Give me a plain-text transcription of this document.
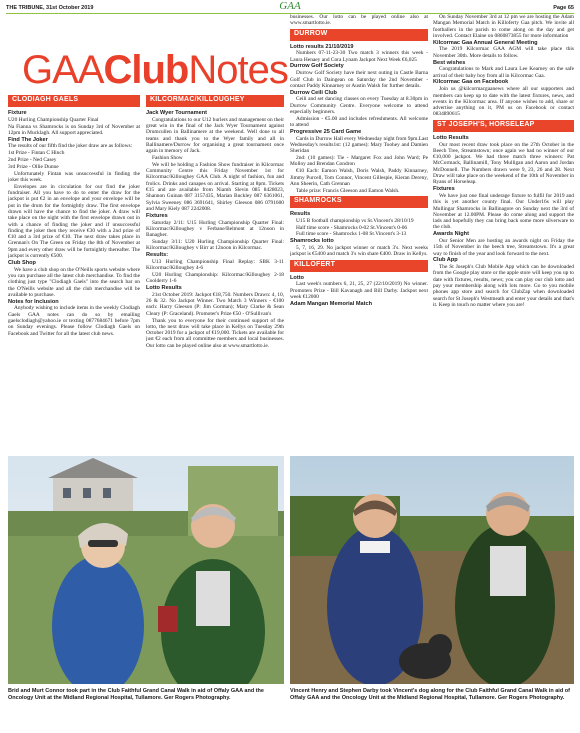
THE TRIBUNE, 31st October 2019	GAA	Page 65
GAA Club Notes
CLODIAGH GAELS

Fixture

U20 Hurling Championship Quarter Final

Na Fianna vs Shamrocks is on Sunday 3rd of November at 12pm in Mucklagh. All support appreciated.

Find The Joker

The results of our fifth find the joker draw are as follows:

1st Prize - Fintan C Hinch

2nd Prize - Ned Casey

3rd Prize - Ollie Dunne

Unfortunately Fintan was unsuccessful in finding the joker this week.

Envelopes are in circulation for our find the joker fundraiser. All you have to do to enter the draw for the jackpot is put €2 in an envelope and your envelope will be put in the drum for the fortnightly draw. The first envelope drawn will have the chance to find the joker. A draw will take place on the night with the first envelope drawn out in with a chance of finding the joker and if unsuccessful finding the joker then they receive €30 with a 2nd prize of €10 and a 3rd prize of €10. The next draw takes place in Grennan's On The Green on Friday the 8th of November at 9pm and every other draw will be fortnightly thereafter. The jackpot is currently €500.

Club Shop

We have a club shop on the O'Neills sports website where you can purchase all the latest club merchandise. To find the clothing just type "Clodiagh Gaels" into the search bar on the O'Neills website and all the club merchandise will be available to purchase.

Notes for Inclusion

Anybody wishing to include items in the weekly Clodiagh Gaels GAA notes can do so by emailing gaelsclodiagh@yahoo.ie or texting 0877684671 before 7pm on Sunday evenings. Please follow Clodiagh Gaels on Facebook and Twitter for all the latest club news.

KILCORMAC/KILLOUGHEY

Jack Wyer Tournament

Congratulations to our U12 hurlers and management on their great win in the final of the Jack Wyer Tournament against Drumcullen in Ballinamere at the weekend. Well done to all teams and thank you to the Wyer family and all in Ballinamere/Durrow for organising a great tournament once again in memory of Jack.

Fashion Show

We will be holding a Fashion Show fundraiser in Kilcormac Community Centre this Friday November 1st for Kilcormac/Killoughey GAA Club. A night of fashion, fun and frolics. Drinks and canapes on arrival. Starting at 8pm. Tickets €15 and are available from Niamh Slevin 085 8428023, Shannon Guinan 087 3157435, Marian Buckley 087 6361061, Sylvia Sweeney 086 3691641, Shirley Gleeson 086 0791600 and Mary Kiely 087 2242008.

Fixtures

Saturday 2/11: U15 Hurling Championship Quarter Final: Kilcormac/Killoughey v Ferbane/Belmont at 12noon in Banagher.

Sunday 3/11: U20 Hurling Championship Quarter Final: Kilcormac/Killoughey v Birr at 12noon in Kilcormac.

Results:

U13 Hurling Championship Final Replay: SBK 3-11 Kilcormac/Killoughey 4-6

U20 Hurling Championship: Kilcormac/Killoughey 2-18 Coolderry 1-6

Lotto Results

21st October 2019: Jackpot €18,750. Numbers Drawn: 4, 10, 26 & 32. No Jackpot Winner. Two Match 3 Winners - €100 each: Harry Gleeson (P: Jim Gorman); Mary Clarke & Sean Cleary (P: Graceland). Promoter's Prize €50 - O'Sullivan's

Thank you to everyone for their continued support of the lotto, the next draw will take place in Kellys on Tuesday 29th October 2019 for a jackpot of €19,000. Tickets are available for just €2 each from all committee members and local businesses. Our lotto can be played online also at www.smartlotto.ie.

businesses. Our lotto can be played online also at www.smartlotto.ie.

DURROW

Lotto results 21/10/2019

Numbers 07-11-23-30 Two match 3 winners this week - Laura Henaey and Cora Lynam Jackpot Next Week €6,025

Durrow Golf Society

Durrow Golf Society have their next outing in Castle Barna Golf Club in Daingean on Saturday the 2nd November - contact Paddy Kinnarney or Austin Walsh for further details.

Durrow Ceili Club

Ceili and set dancing classes on every Tuesday at 8.30pm in Durrow Community Centre. Everyone welcome to attend especially beginners.

Admission - €5.00 and includes refreshments. All welcome to attend

Progressive 25 Card Game

Cards in Durrow Hall every Wednesday night from 9pm.Last Wednesday's results1st: (12 games): Mary Toohey and Damien Sheridan

2nd: (10 games): Tie - Margaret Fox and John Ward; Pe Molloy and Brendan Condron

€10 Each: Eamon Walsh, Doris Walsh, Paddy Kinnarney, Jimmy Purcell, Tom Connor, Vincent Gillespie, Kieran Dereny, Ann Sheerin, Cath Grennan

Table prize: Francis Gleeson and Eamon Walsh.

SHAMROCKS

Results

U15 B football championship vs St.Vincent's 28/10/19

Half time score - Shamrocks 0-02 St.Vincent's 0-06

Full time score - Shamrocks 1-08 St.Vincent's 3-13

Shamrocks lotto

5, 7, 16, 29. No jackpot winner or match 3's. Next weeks jackpot is €5400 and match 3's win share €400. Draw in Kellys.

KILLOFERT

Lotto

Last week's numbers 6, 21, 25, 27 (22/10/2019) No winner. Promoters Prize - Bill Kavanagh and Bill Darby. Jackpot next week €12000

Adam Mangan Memorial Match

On Sunday November 3rd at 12 pm we are hosting the Adam Mangan Memorial Match in Killoferty Gaa pitch. We invite all footballers in the parish to come along on the day and get involved. Contact Elaine on 0860873855 for more information

Kilcormac Gaa Annual General Meeting

The 2019 Kilcormac GAA AGM will take place this November 30th. More details to follow.

Best wishes

Congratulations to Mark and Laura Lee Kearney on the safe arrival of their baby boy from all in Kilcormac Gaa.

Kilcormac Gaa on Facebook

Join us @kilcormacgaanews where all our supporters and members can keep up to date with the latest fixtures, news, and events in the Kilcormac area. If anyone wishes to add, share or advertise anything on it, PM us on Facebook or contact 0834890615

ST JOSEPH'S, HORSELEAP

Lotto Results

Our most recent draw took place on the 27th October in the Beech Tree, Streamstown; once again we had no winner of our €10,000 jackpot. We had three match three winners: Pat McCormack, Ballinamill, Tony Mulligan and Aaron and Jordan McDonnell. The Numbers drawn were 9, 23, 26 and 28. Next Draw will take place on the weekend of the 10th of November in Ryans of Horseleap.

Fixtures

We have just one final underage fixture to fulfil for 2019 and this is yet another county final. Our Under16s will play Mullingar Shamrocks in Ballinagore on Sunday next the 3rd of November at 12.00PM. Please do come along and support the lads and hopefully they can bring back some more silverware to the club.

Awards Night

Our Senior Men are hosting an awards night on Friday the 15th of November in the beech tree, Streamstown. It's a great way to finish of the year and look forward to the next.

Club App

The St Joseph's Club Mobile App which can be downloaded from the Google play store or the apple store will keep you up to date with fixtures, results, news; you can play our club lotto and pay your membership along with lots more. Go to you mobile phones app store and search for ClubZap when downloaded search for St Joseph's Westmeath and enter your details and that's it. Keep in touch no matter where you are!

Brid and Murt Connor took part in the Club Faithful Grand Canal Walk in aid of Offaly GAA and the Oncology Unit at the Midland Regional Hospital, Tullamore. Ger Rogers Photography.
Vincent Henry and Stephen Darby took Vincent's dog along for the Club Faithful Grand Canal Walk in aid of Offaly GAA and the Oncology Unit at the Midland Regional Hospital, Tullamore. Ger Rogers Photography.
